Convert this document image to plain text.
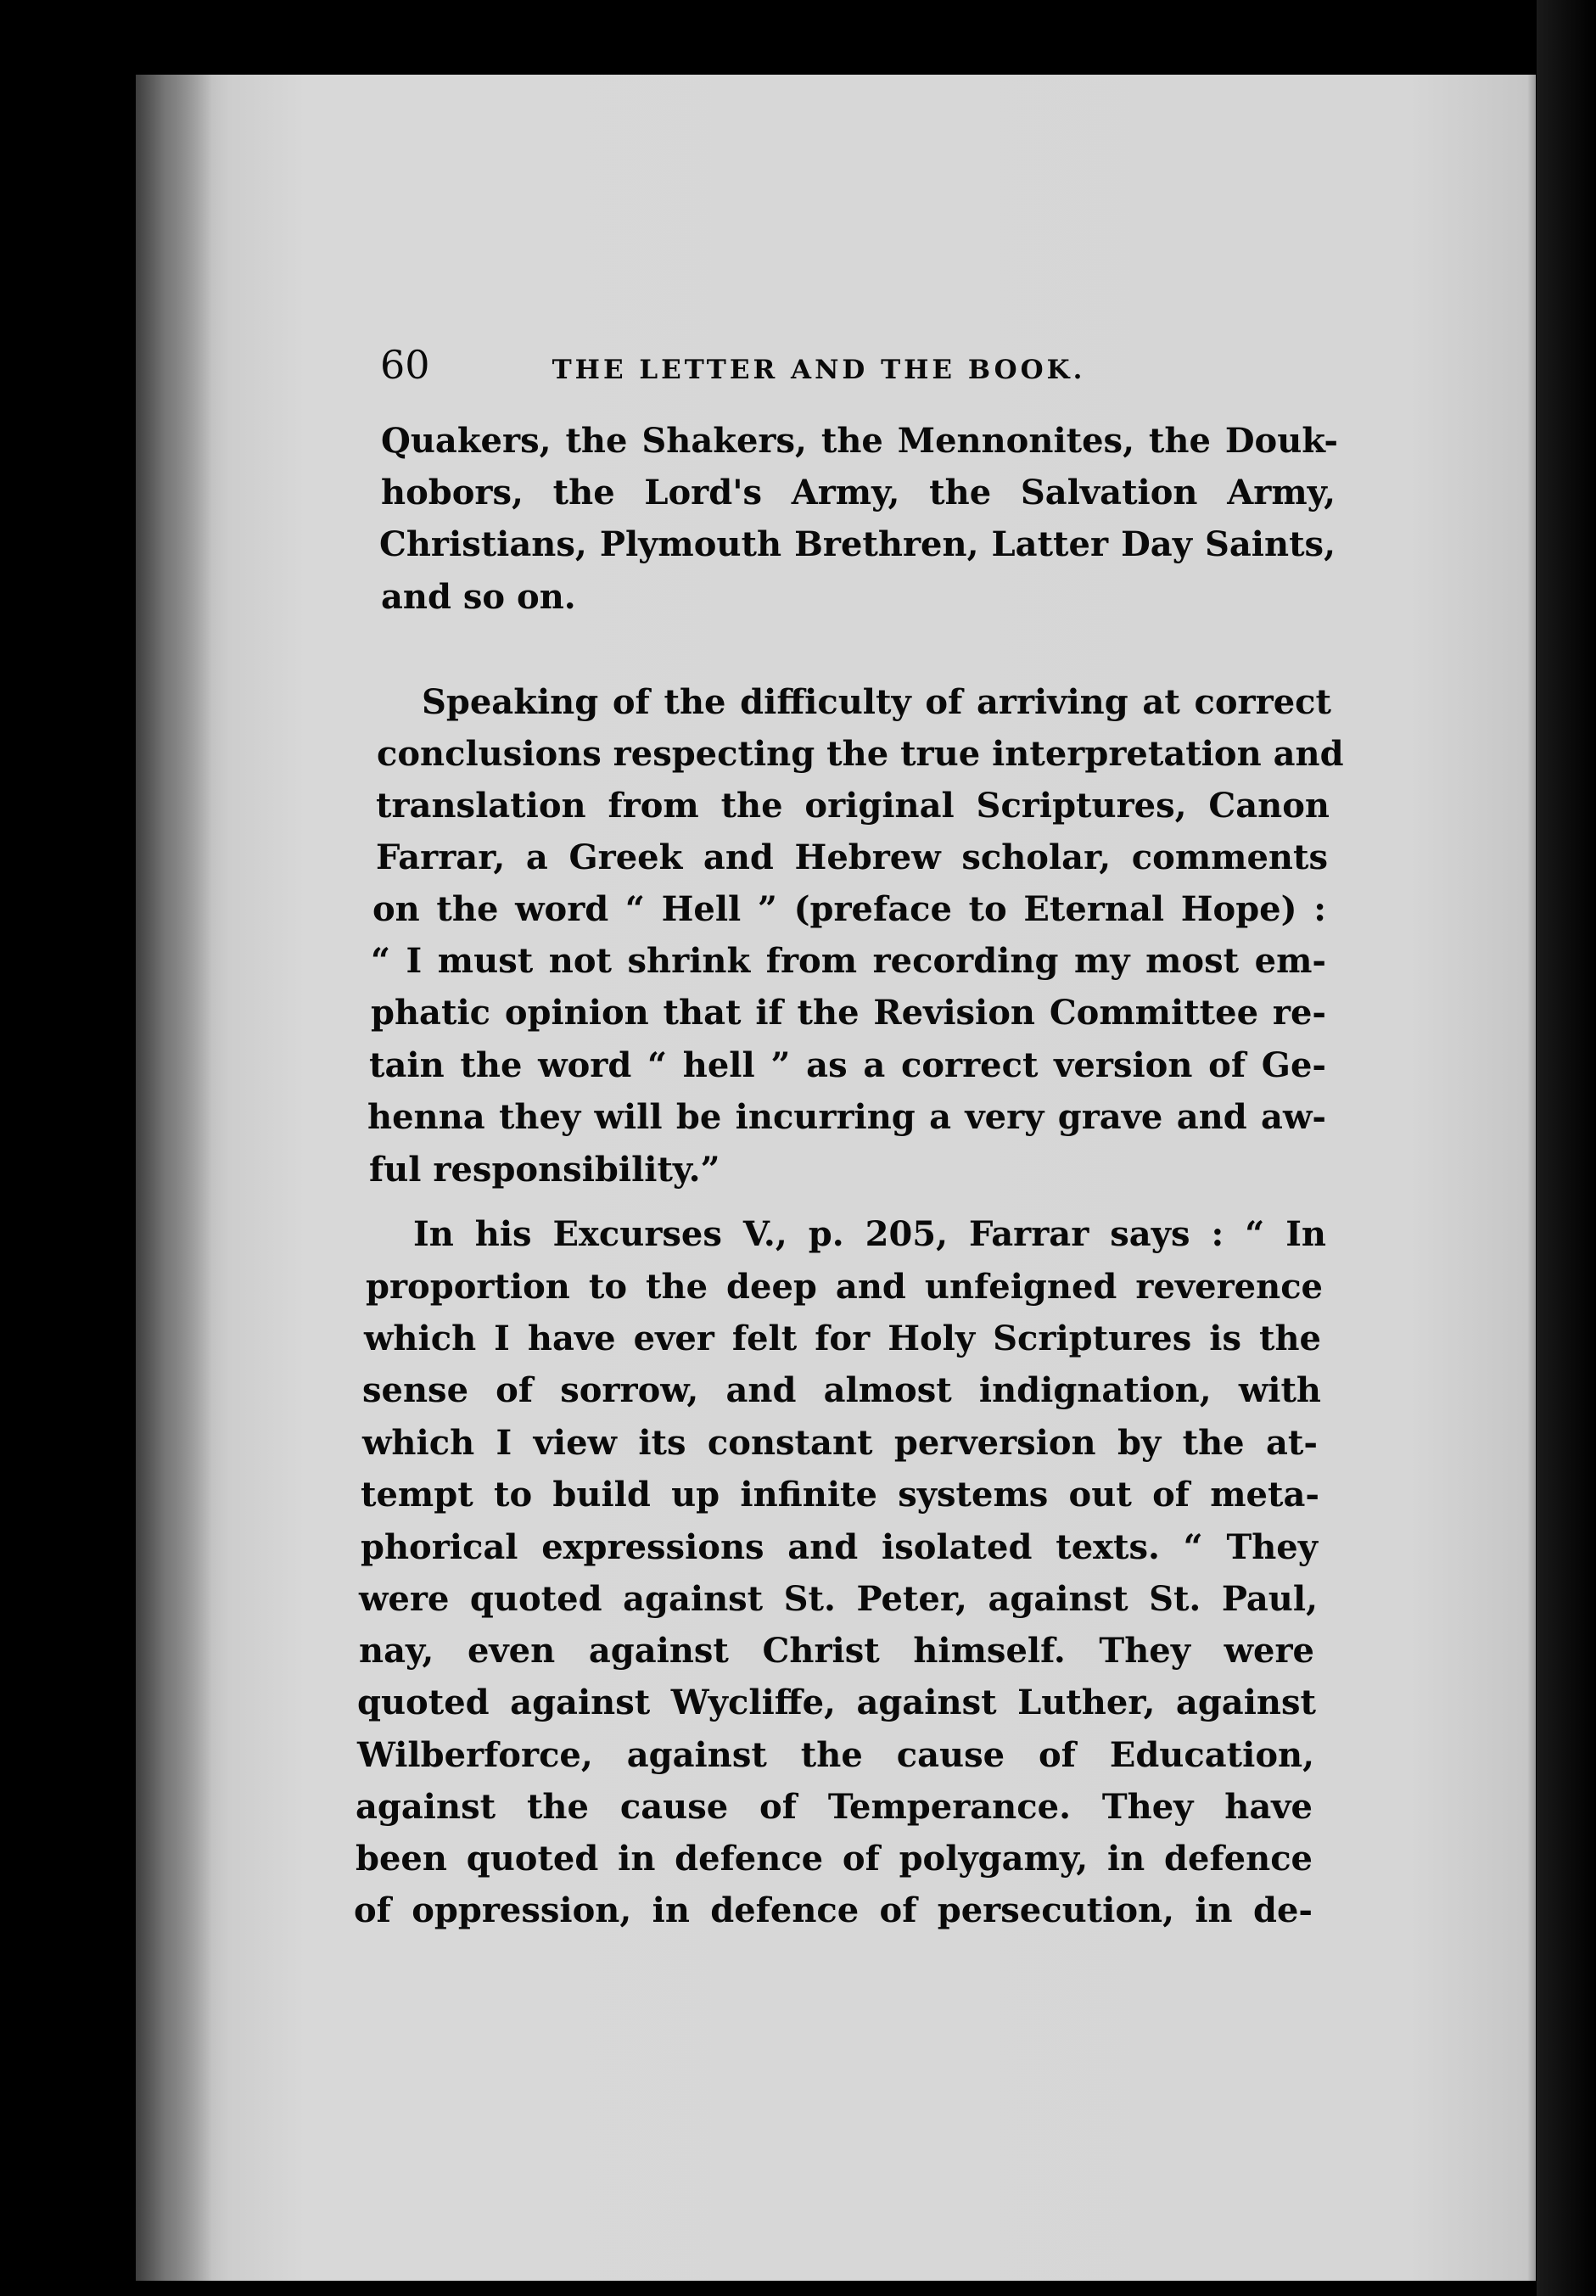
60	THE LETTER AND THE BOOK.
Quakers, the Shakers, the Mennonites, the Douk-
hobors, the Lord's Army, the Salvation Army,
Christians, Plymouth Brethren, Latter Day Saints,
and so on.
Speaking of the difficulty of arriving at correct
conclusions respecting the true interpretation and
translation from the original Scriptures, Canon
Farrar, a Greek and Hebrew scholar, comments
on the word “ Hell ” (preface to Eternal Hope) :
“ I must not shrink from recording my most em-
phatic opinion that if the Revision Committee re-
tain the word “ hell ” as a correct version of Ge-
henna they will be incurring a very grave and aw-
ful responsibility.”
In his Excurses V., p. 205, Farrar says : “ In
proportion to the deep and unfeigned reverence
which I have ever felt for Holy Scriptures is the
sense of sorrow, and almost indignation, with
which I view its constant perversion by the at-
tempt to build up infinite systems out of meta-
phorical expressions and isolated texts. “ They
were quoted against St. Peter, against St. Paul,
nay, even against Christ himself. They were
quoted against Wycliffe, against Luther, against
Wilberforce, against the cause of Education,
against the cause of Temperance. They have
been quoted in defence of polygamy, in defence
of oppression, in defence of persecution, in de-
